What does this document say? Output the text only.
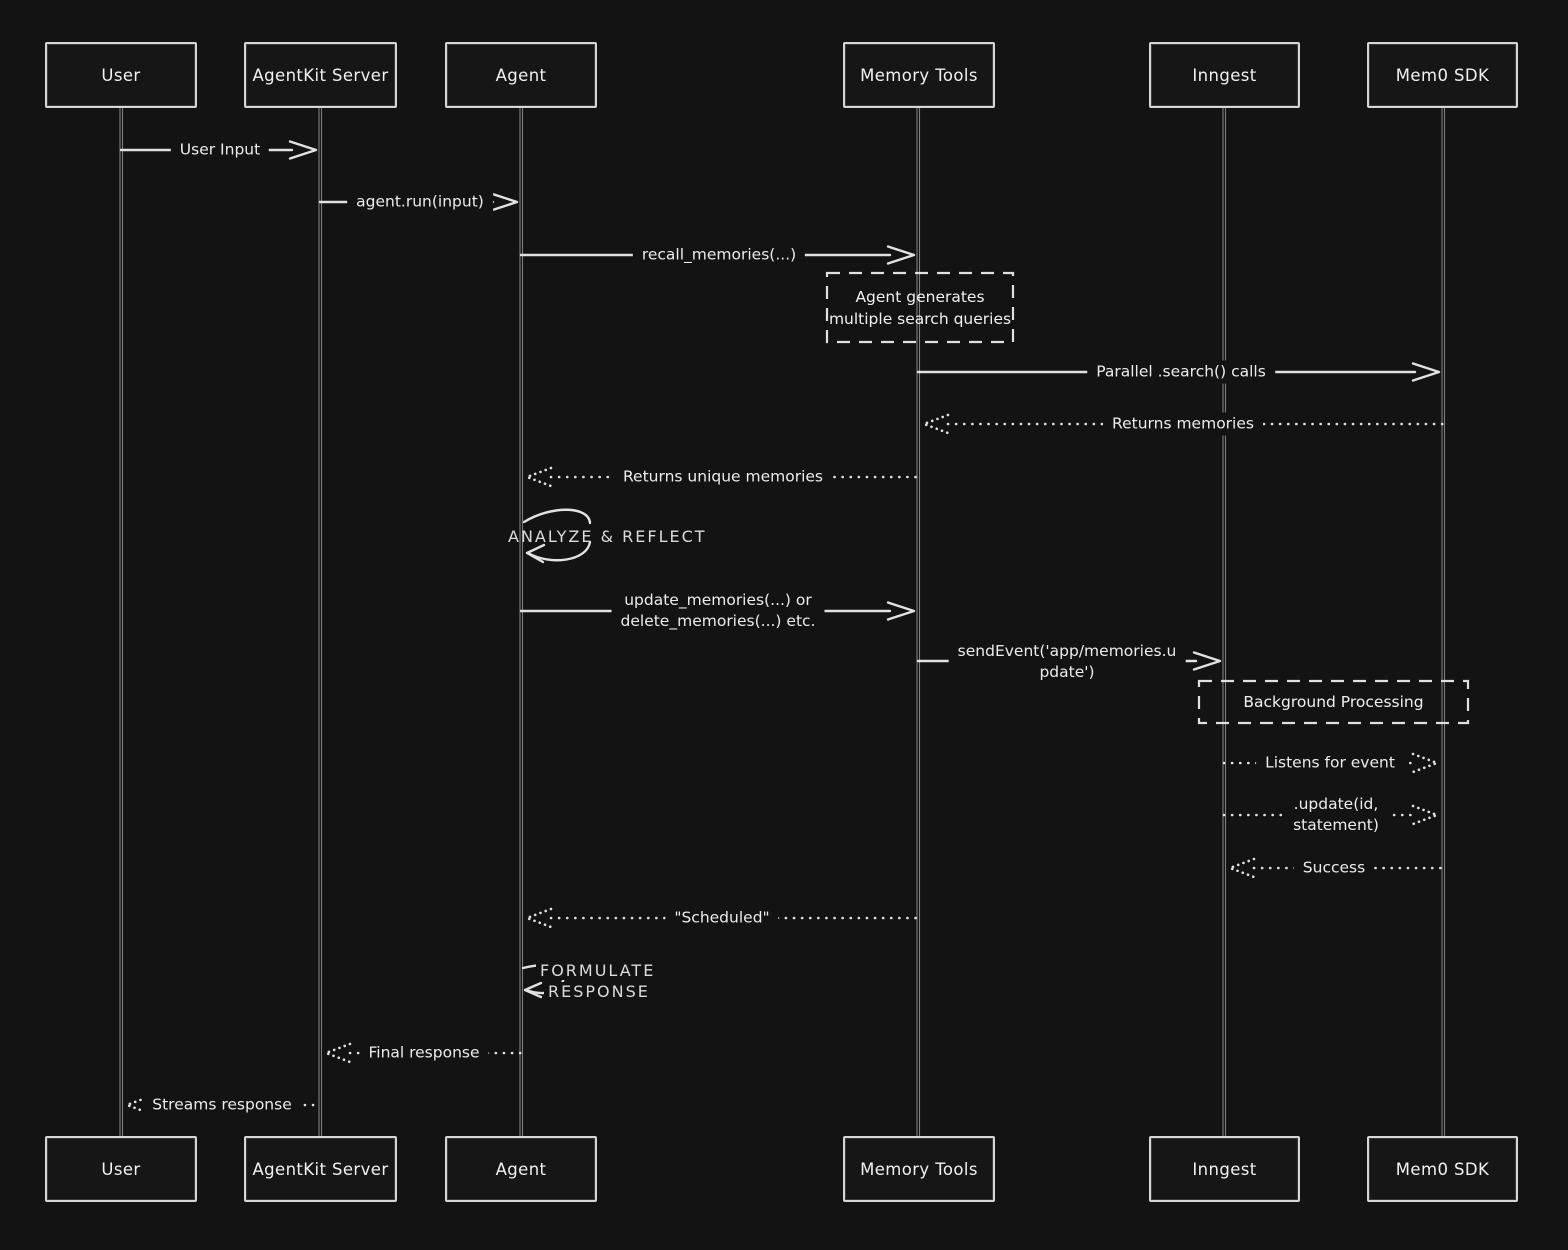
User	AgentKit Server	Agent	Memory Tools	Inngest	Mem0 SDK
User	AgentKit Server	Agent	Memory Tools	Inngest	Mem0 SDK
User Input
agent.run(input)
recall_memories(...)
Parallel .search() calls
Returns memories
Returns unique memories
ANALYZE & REFLECT
update_memories(...) or
delete_memories(...) etc.
sendEvent('app/memories.u
pdate')
Listens for event
.update(id,
statement)
Success
"Scheduled"
FORMULATE
RESPONSE
Final response
Streams response
Agent generates
multiple search queries
Background Processing
